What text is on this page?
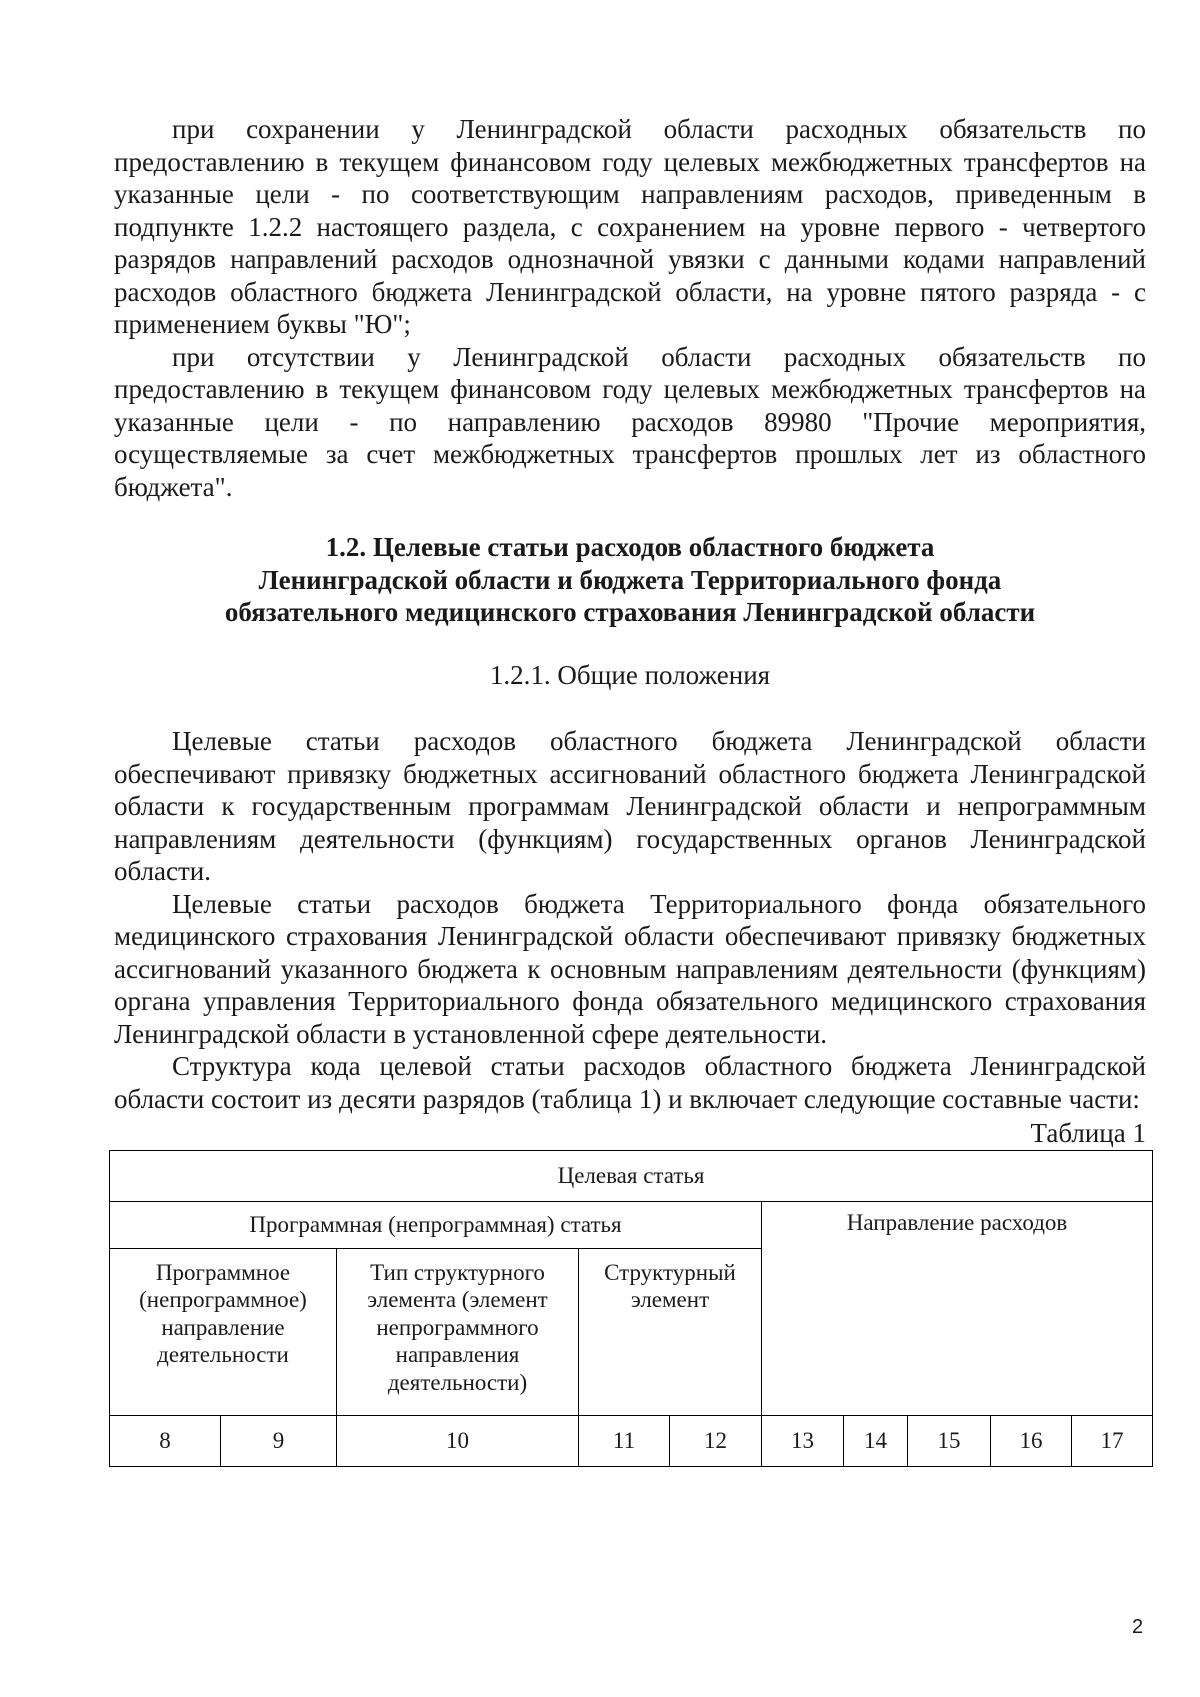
при сохранении у Ленинградской области расходных обязательств по предоставлению в текущем финансовом году целевых межбюджетных трансфертов на указанные цели - по соответствующим направлениям расходов, приведенным в подпункте 1.2.2 настоящего раздела, с сохранением на уровне первого - четвертого разрядов направлений расходов однозначной увязки с данными кодами направлений расходов областного бюджета Ленинградской области, на уровне пятого разряда - с применением буквы "Ю";

при отсутствии у Ленинградской области расходных обязательств по предоставлению в текущем финансовом году целевых межбюджетных трансфертов на указанные цели - по направлению расходов 89980 "Прочие мероприятия, осуществляемые за счет межбюджетных трансфертов прошлых лет из областного бюджета".

1.2. Целевые статьи расходов областного бюджета
Ленинградской области и бюджета Территориального фонда
обязательного медицинского страхования Ленинградской области
1.2.1. Общие положения

Целевые статьи расходов областного бюджета Ленинградской области обеспечивают привязку бюджетных ассигнований областного бюджета Ленинградской области к государственным программам Ленинградской области и непрограммным направлениям деятельности (функциям) государственных органов Ленинградской области.

Целевые статьи расходов бюджета Территориального фонда обязательного медицинского страхования Ленинградской области обеспечивают привязку бюджетных ассигнований указанного бюджета к основным направлениям деятельности (функциям) органа управления Территориального фонда обязательного медицинского страхования Ленинградской области в установленной сфере деятельности.

Структура кода целевой статьи расходов областного бюджета Ленинградской области состоит из десяти разрядов (таблица 1) и включает следующие составные части:

Таблица 1
Целевая статья									
Программная (непрограммная) статья					Направление расходов				
Программное (непрограммное) направление деятельности		Тип структурного элемента (элемент непрограммного направления деятельности)	Структурный элемент						
8	9	10	11	12	13	14	15	16	17
2
